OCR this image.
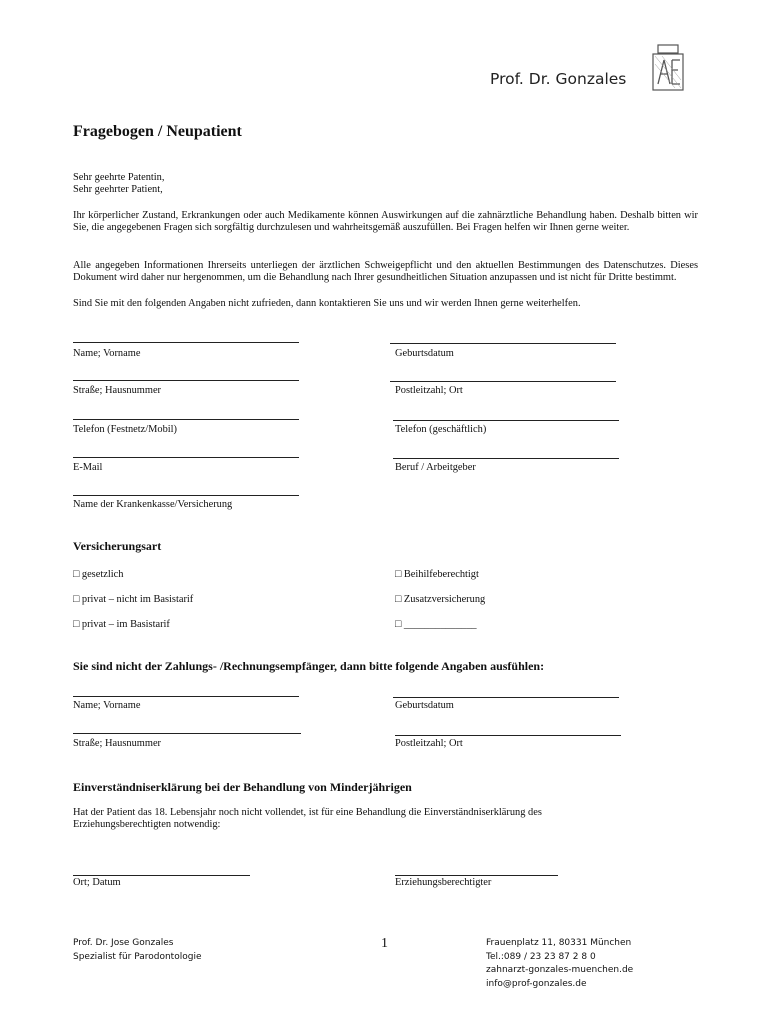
Prof. Dr. Gonzales
Fragebogen / Neupatient
Sehr geehrte Patentin,
Sehr geehrter Patient,
Ihr körperlicher Zustand, Erkrankungen oder auch Medikamente können Auswirkungen auf die zahnärztliche Behandlung haben. Deshalb bitten wir Sie, die angegebenen Fragen sich sorgfältig durchzulesen und wahrheitsgemäß auszufüllen. Bei Fragen helfen wir Ihnen gerne weiter.
Alle angegeben Informationen Ihrerseits unterliegen der ärztlichen Schweigepflicht und den aktuellen Bestimmungen des Datenschutzes. Dieses Dokument wird daher nur hergenommen, um die Behandlung nach Ihrer gesundheitlichen Situation anzupassen und ist nicht für Dritte bestimmt.
Sind Sie mit den folgenden Angaben nicht zufrieden, dann kontaktieren Sie uns und wir werden Ihnen gerne weiterhelfen.
Name; Vorname	Geburtsdatum
Straße; Hausnummer	Postleitzahl; Ort
Telefon (Festnetz/Mobil)	Telefon (geschäftlich)
E-Mail	Beruf / Arbeitgeber
Name der Krankenkasse/Versicherung
Versicherungsart
□ gesetzlich	□ Beihilfeberechtigt
□ privat – nicht im Basistarif	□ Zusatzversicherung
□ privat – im Basistarif	□ ______________
Sie sind nicht der Zahlungs- /Rechnungsempfänger, dann bitte folgende Angaben ausfühlen:
Name; Vorname	Geburtsdatum
Straße; Hausnummer	Postleitzahl; Ort
Einverständniserklärung bei der Behandlung von Minderjährigen
Hat der Patient das 18. Lebensjahr noch nicht vollendet, ist für eine Behandlung die Einverständniserklärung des Erziehungsberechtigten notwendig:
Ort; Datum	Erziehungsberechtigter
Prof. Dr. Jose Gonzales
Spezialist für Parodontologie
1	Frauenplatz 11, 80331 München
Tel.:089 / 23 23 87 2 8 0
zahnarzt-gonzales-muenchen.de
info@prof-gonzales.de
